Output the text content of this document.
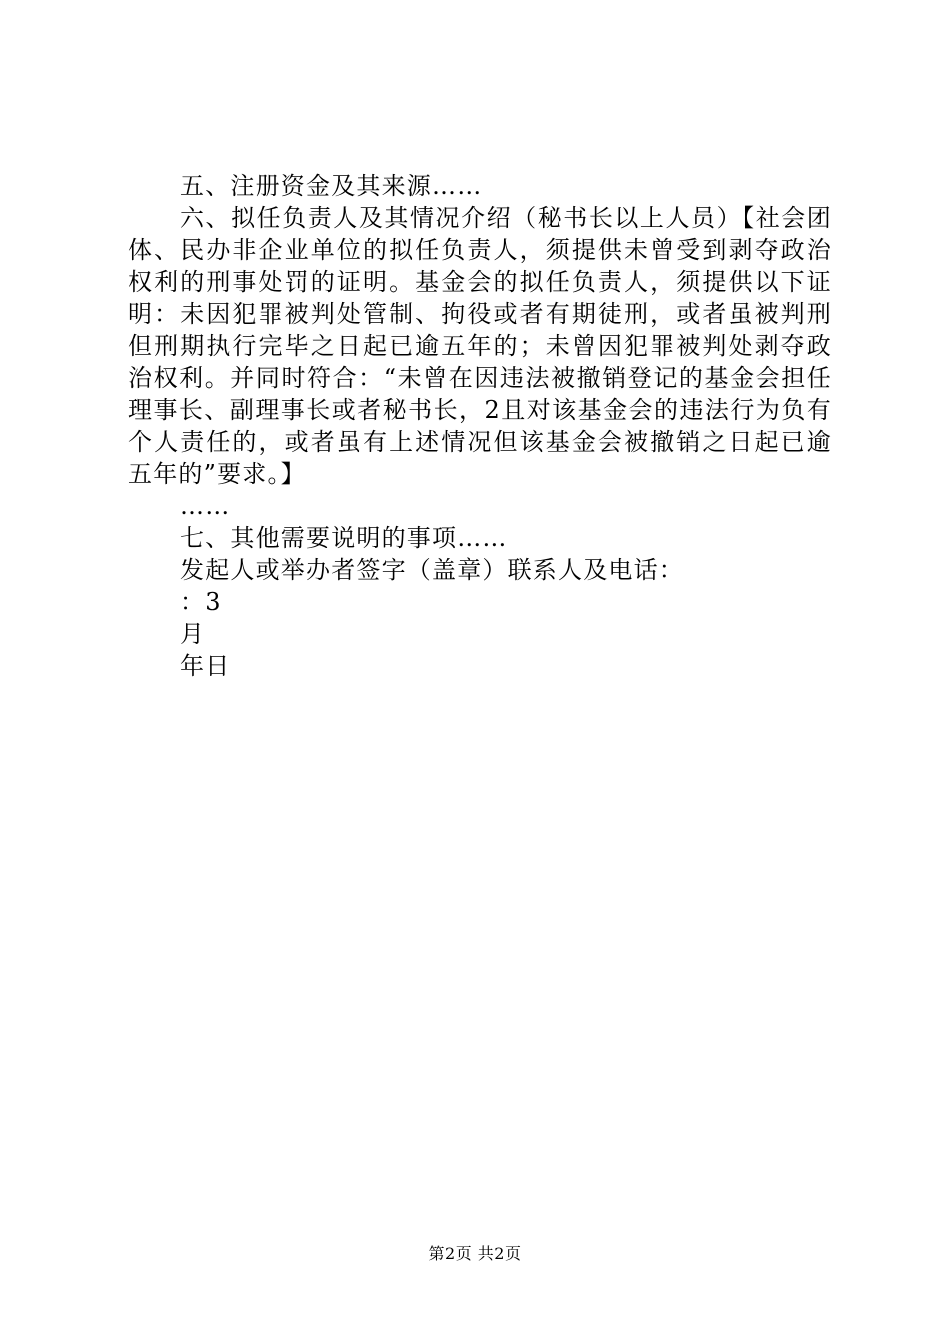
五、注册资金及其来源……

六、拟任负责人及其情况介绍（秘书长以上人员）【社会团体、民办非企业单位的拟任负责人，须提供未曾受到剥夺政治权利的刑事处罚的证明。基金会的拟任负责人，须提供以下证明：未因犯罪被判处管制、拘役或者有期徒刑，或者虽被判刑但刑期执行完毕之日起已逾五年的；未曾因犯罪被判处剥夺政治权利。并同时符合：“未曾在因违法被撤销登记的基金会担任理事长、副理事长或者秘书长，2且对该基金会的违法行为负有个人责任的，或者虽有上述情况但该基金会被撤销之日起已逾五年的”要求。】

……

七、其他需要说明的事项……

发起人或举办者签字（盖章）联系人及电话：

：3

月

年日

第2页 共2页
